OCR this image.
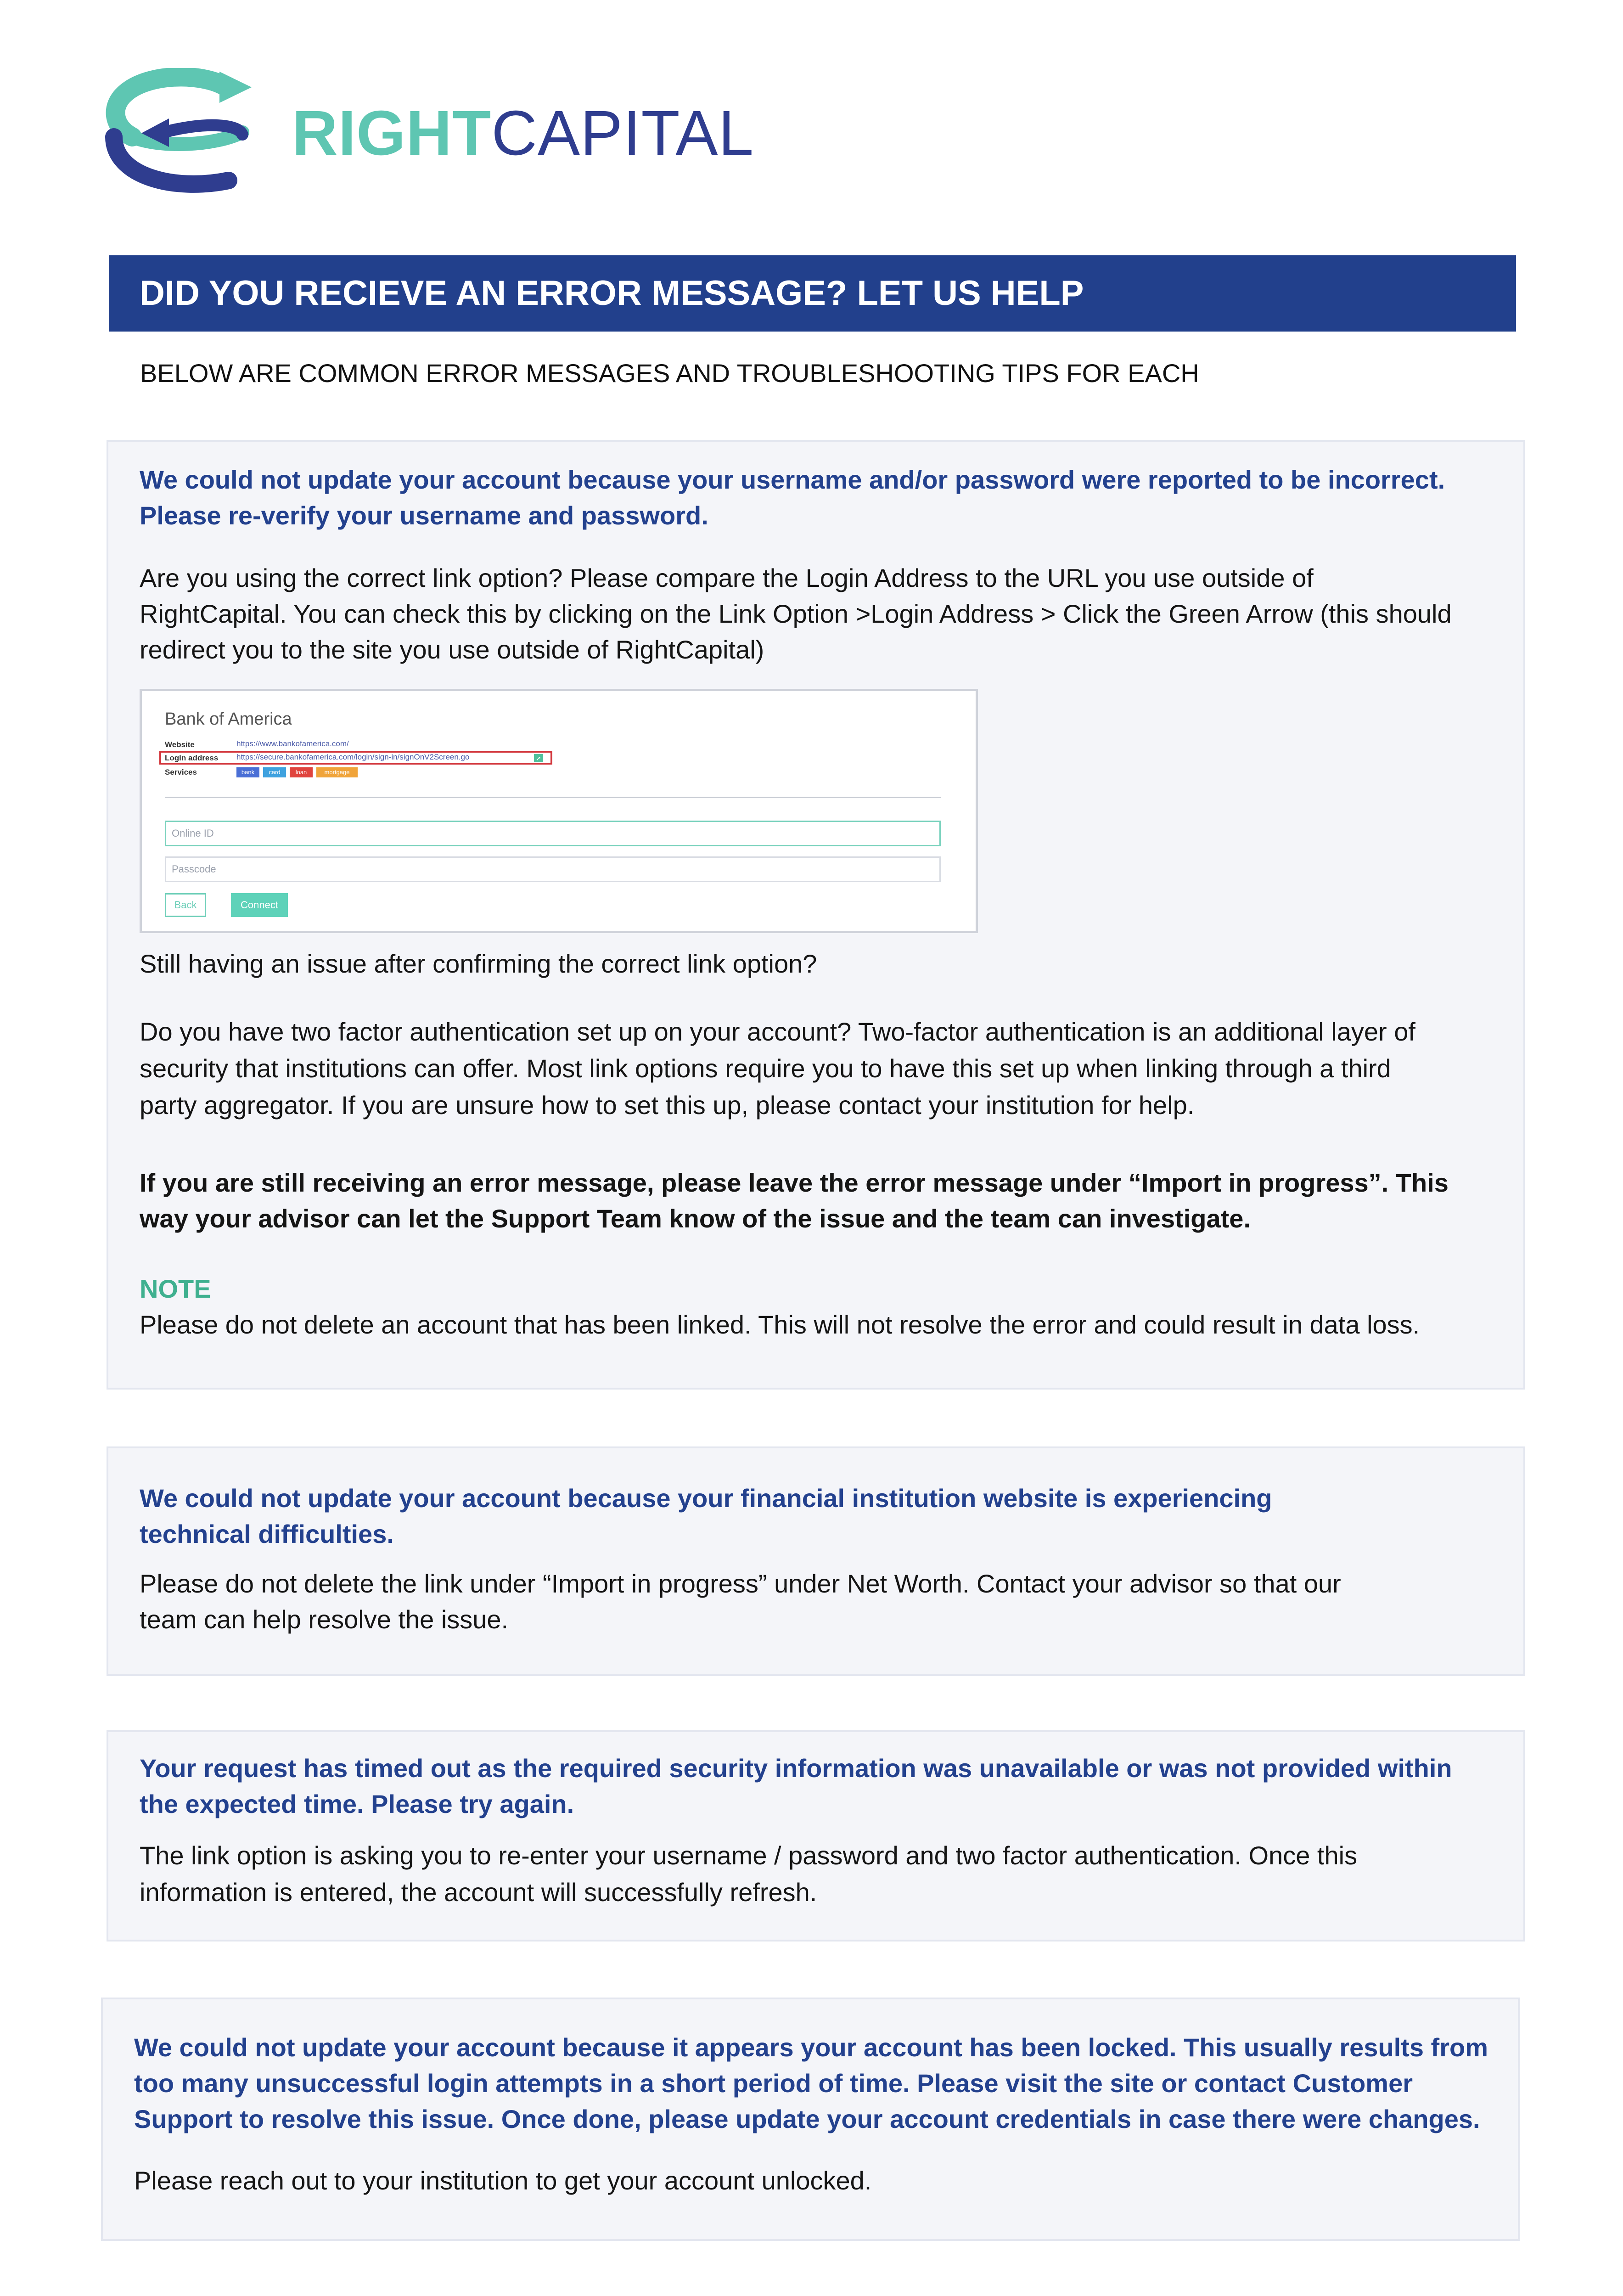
RIGHTCAPITAL
DID YOU RECIEVE AN ERROR MESSAGE? LET US HELP
BELOW ARE COMMON ERROR MESSAGES AND TROUBLESHOOTING TIPS FOR EACH
We could not update your account because your username and/or password were reported to be incorrect.
Please re-verify your username and password.
Are you using the correct link option? Please compare the Login Address to the URL you use outside of
RightCapital. You can check this by clicking on the Link Option >Login Address > Click the Green Arrow (this should
redirect you to the site you use outside of RightCapital)
Bank of America
Website	https://www.bankofamerica.com/
Login address https://secure.bankofamerica.com/login/sign-in/signOnV2Screen.go	➚
Services	bank	card	loan	mortgage
Online ID
Passcode
Back	Connect
Still having an issue after confirming the correct link option?
Do you have two factor authentication set up on your account? Two-factor authentication is an additional layer of
security that institutions can offer. Most link options require you to have this set up when linking through a third
party aggregator. If you are unsure how to set this up, please contact your institution for help.
If you are still receiving an error message, please leave the error message under “Import in progress”. This
way your advisor can let the Support Team know of the issue and the team can investigate.
NOTE
Please do not delete an account that has been linked. This will not resolve the error and could result in data loss.
We could not update your account because your financial institution website is experiencing
technical difficulties.
Please do not delete the link under “Import in progress” under Net Worth. Contact your advisor so that our
team can help resolve the issue.
Your request has timed out as the required security information was unavailable or was not provided within
the expected time. Please try again.
The link option is asking you to re-enter your username / password and two factor authentication. Once this
information is entered, the account will successfully refresh.
We could not update your account because it appears your account has been locked. This usually results from
too many unsuccessful login attempts in a short period of time. Please visit the site or contact Customer
Support to resolve this issue. Once done, please update your account credentials in case there were changes.
Please reach out to your institution to get your account unlocked.
